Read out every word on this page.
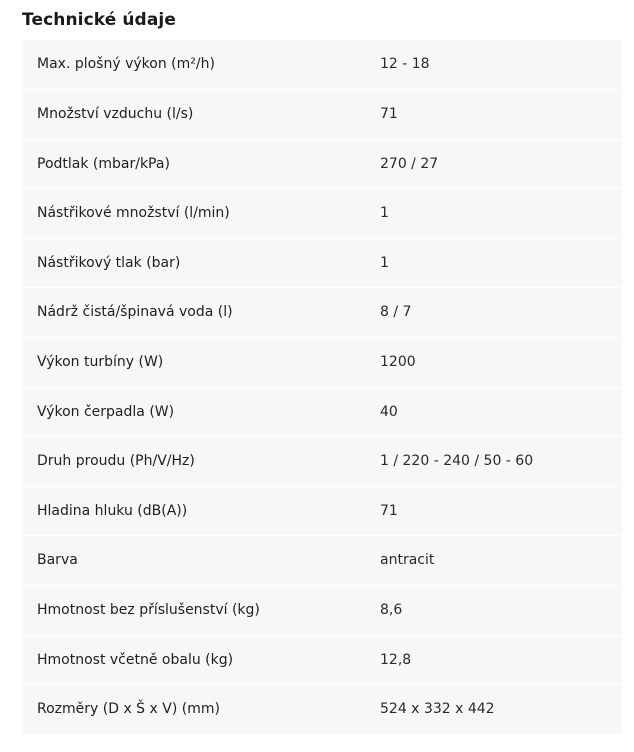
Technické údaje
Max. plošný výkon (m²/h)	12 - 18
Množství vzduchu (l/s)	71
Podtlak (mbar/kPa)	270 / 27
Nástřikové množství (l/min)	1
Nástřikový tlak (bar)	1
Nádrž čistá/špinavá voda (l)	8 / 7
Výkon turbíny (W)	1200
Výkon čerpadla (W)	40
Druh proudu (Ph/V/Hz)	1 / 220 - 240 / 50 - 60
Hladina hluku (dB(A))	71
Barva	antracit
Hmotnost bez příslušenství (kg)	8,6
Hmotnost včetně obalu (kg)	12,8
Rozměry (D x Š x V) (mm)	524 x 332 x 442
